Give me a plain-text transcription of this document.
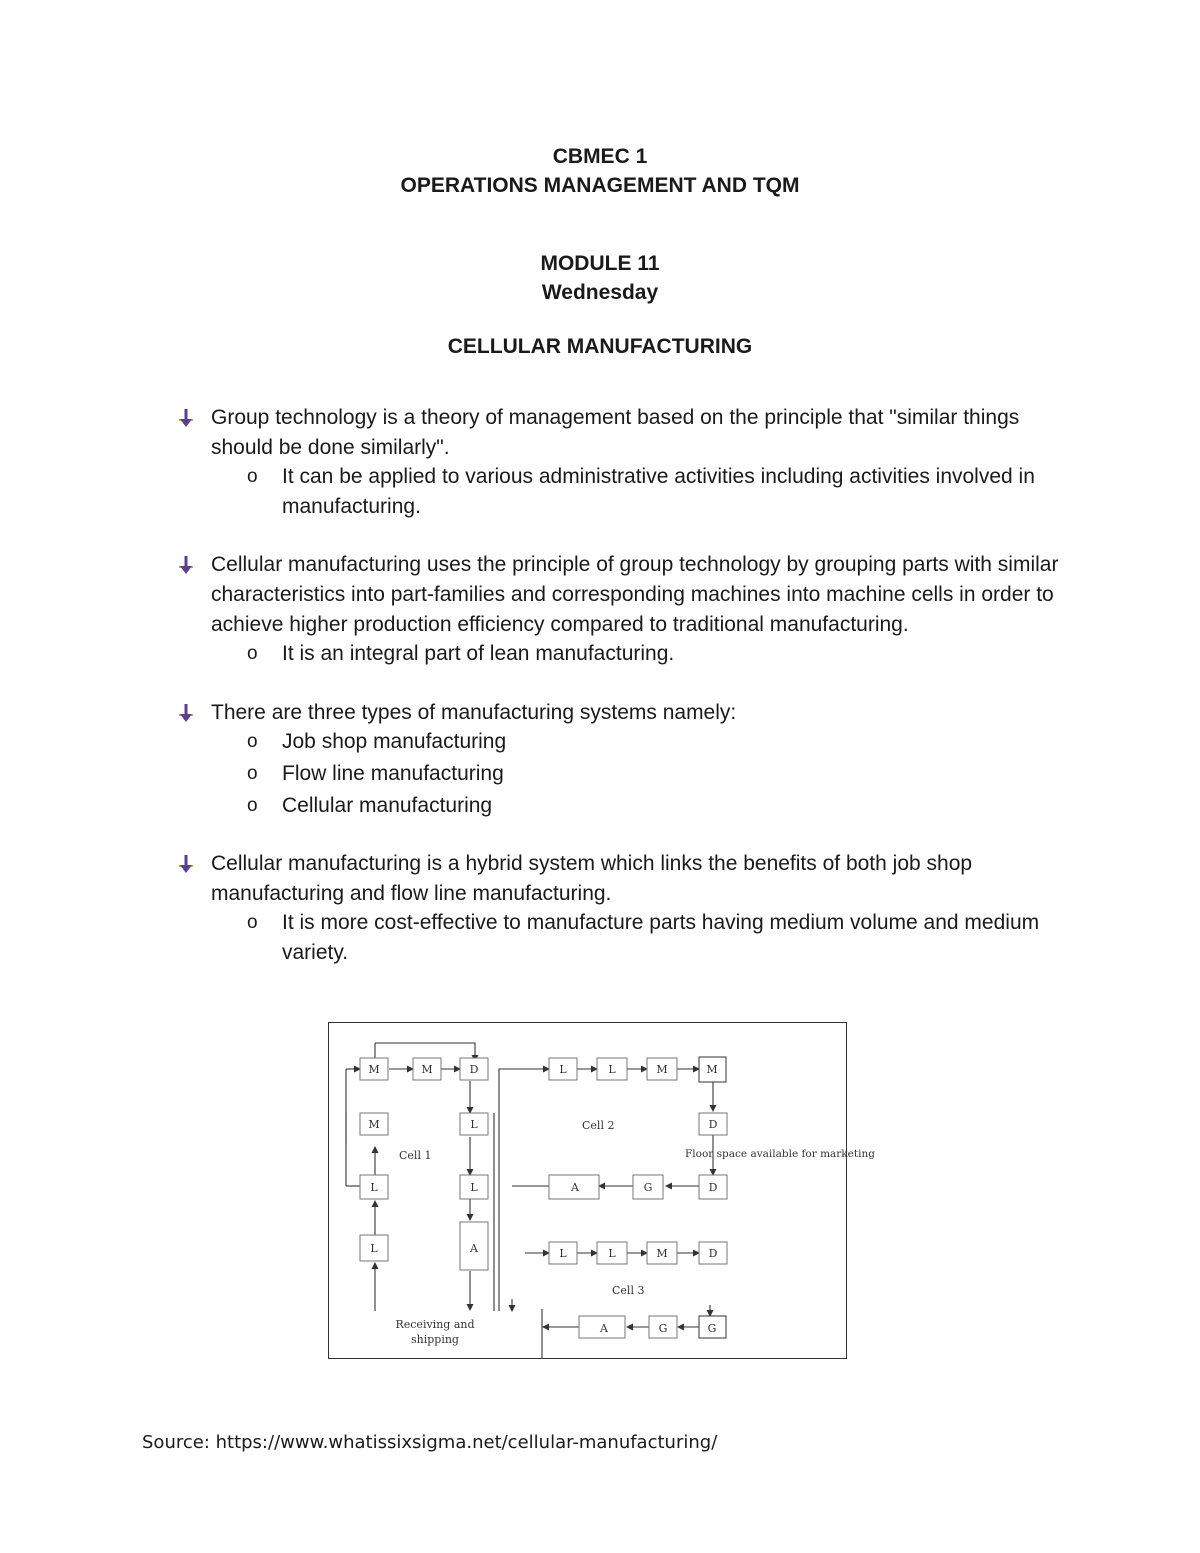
CBMEC 1
OPERATIONS MANAGEMENT AND TQM
MODULE 11
Wednesday
CELLULAR MANUFACTURING
Group technology is a theory of management based on the principle that "similar things should be done similarly".
o It can be applied to various administrative activities including activities involved in manufacturing.
Cellular manufacturing uses the principle of group technology by grouping parts with similar characteristics into part-families and corresponding machines into machine cells in order to achieve higher production efficiency compared to traditional manufacturing.
o It is an integral part of lean manufacturing.
There are three types of manufacturing systems namely:
o Job shop manufacturing
o Flow line manufacturing
o Cellular manufacturing
Cellular manufacturing is a hybrid system which links the benefits of both job shop manufacturing and flow line manufacturing.
o It is more cost-effective to manufacture parts having medium volume and medium variety.
M	M	D
M	L
L	L
L	A
L	L	M	M
D
D
G
A
L	L	M	D
G
G
A
Cell 1
Cell 2
Cell 3
Floor space available for marketing
Receiving and
shipping
Source: https://www.whatissixsigma.net/cellular-manufacturing/
